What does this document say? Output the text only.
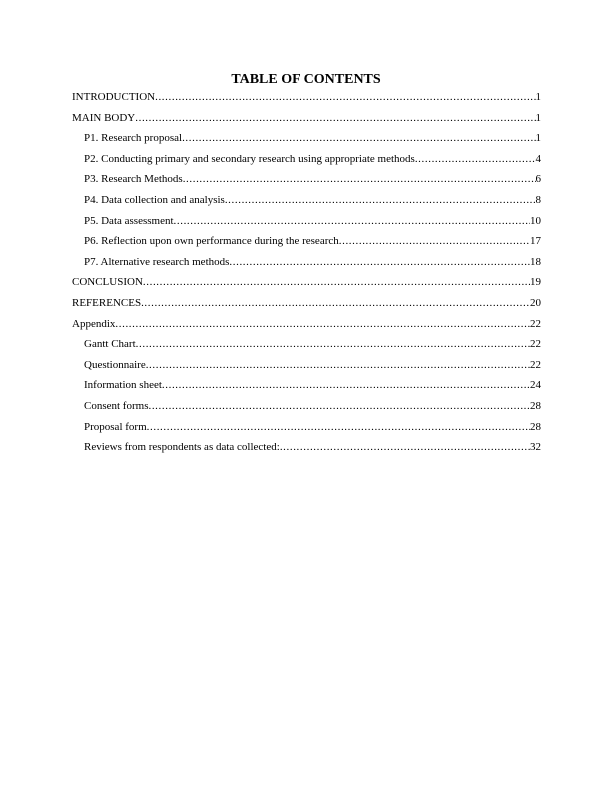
TABLE OF CONTENTS
INTRODUCTION .....	1
MAIN BODY .....	1
P1. Research proposal .....	1
P2. Conducting primary and secondary research using appropriate methods .....	4
P3. Research Methods .....	6
P4. Data collection and analysis .....	8
P5. Data assessment .....	10
P6. Reflection upon own performance during the research .....	17
P7. Alternative research methods .....	18
CONCLUSION .....	19
REFERENCES .....	20
Appendix .....	22
Gantt Chart .....	22
Questionnaire .....	22
Information sheet .....	24
Consent forms .....	28
Proposal form .....	28
Reviews from respondents as data collected: .....	32
